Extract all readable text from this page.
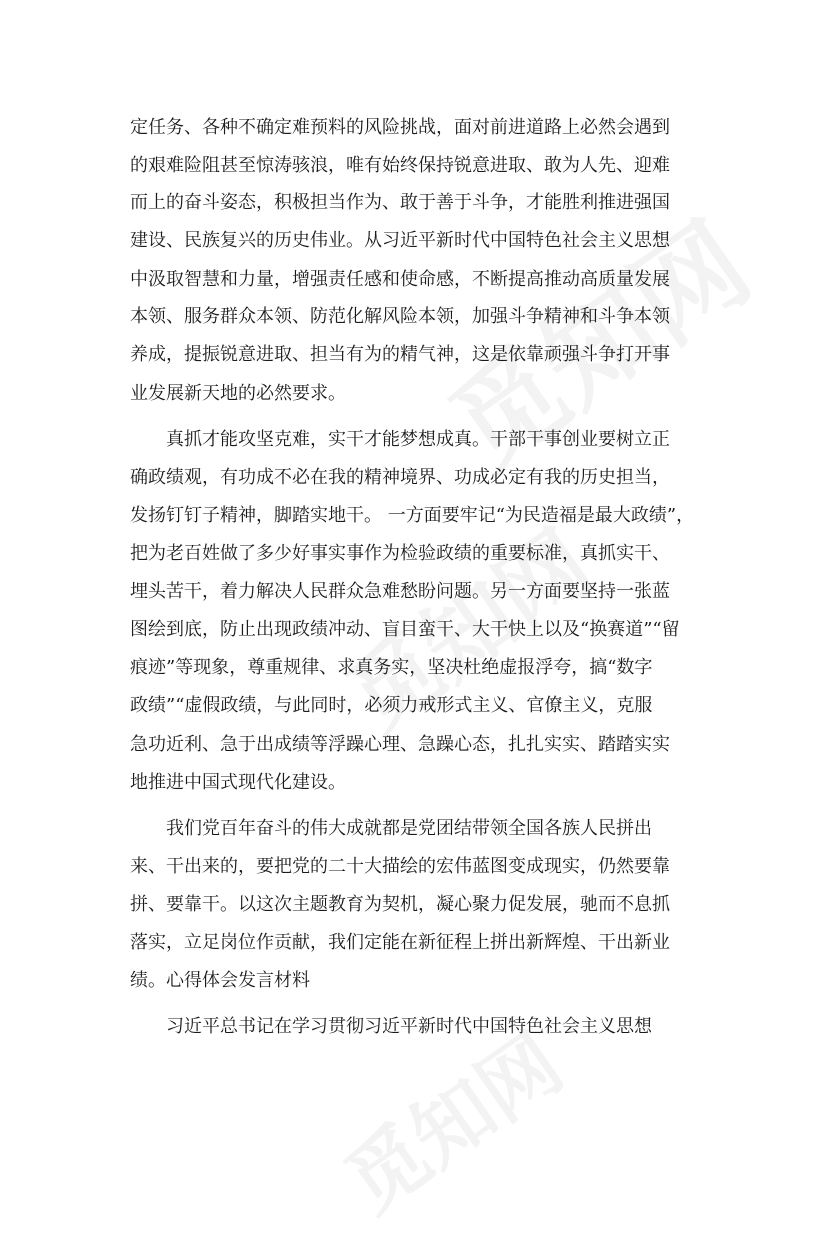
定任务、各种不确定难预料的风险挑战，面对前进道路上必然会遇到
的艰难险阻甚至惊涛骇浪，唯有始终保持锐意进取、敢为人先、迎难
而上的奋斗姿态，积极担当作为、敢于善于斗争，才能胜利推进强国
建设、民族复兴的历史伟业。从习近平新时代中国特色社会主义思想
中汲取智慧和力量，增强责任感和使命感，不断提高推动高质量发展
本领、服务群众本领、防范化解风险本领，加强斗争精神和斗争本领
养成，提振锐意进取、担当有为的精气神，这是依靠顽强斗争打开事
业发展新天地的必然要求。
真抓才能攻坚克难，实干才能梦想成真。干部干事创业要树立正
确政绩观，有功成不必在我的精神境界、功成必定有我的历史担当，
发扬钉钉子精神，脚踏实地干。 一方面要牢记“为民造福是最大政绩”，
把为老百姓做了多少好事实事作为检验政绩的重要标准，真抓实干、
埋头苦干，着力解决人民群众急难愁盼问题。另一方面要坚持一张蓝
图绘到底，防止出现政绩冲动、盲目蛮干、大干快上以及“换赛道”“留
痕迹”等现象，尊重规律、求真务实，坚决杜绝虚报浮夸，搞“数字
政绩”“虚假政绩，与此同时，必须力戒形式主义、官僚主义，克服
急功近利、急于出成绩等浮躁心理、急躁心态，扎扎实实、踏踏实实
地推进中国式现代化建设。
我们党百年奋斗的伟大成就都是党团结带领全国各族人民拼出
来、干出来的，要把党的二十大描绘的宏伟蓝图变成现实，仍然要靠
拼、要靠干。以这次主题教育为契机，凝心聚力促发展，驰而不息抓
落实，立足岗位作贡献，我们定能在新征程上拼出新辉煌、干出新业
绩。心得体会发言材料
习近平总书记在学习贯彻习近平新时代中国特色社会主义思想
